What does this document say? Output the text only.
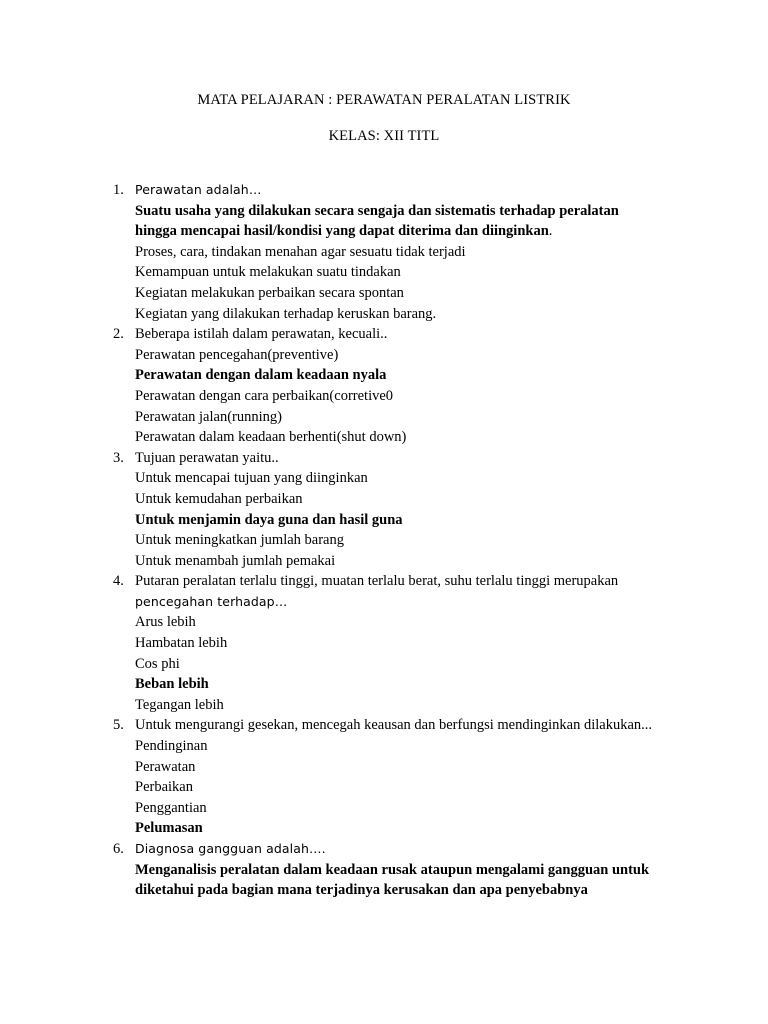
MATA PELAJARAN : PERAWATAN PERALATAN LISTRIK
KELAS: XII TITL
1. Perawatan adalah…
Suatu usaha yang dilakukan secara sengaja dan sistematis terhadap peralatan
hingga mencapai hasil/kondisi yang dapat diterima dan diinginkan.
Proses, cara, tindakan menahan agar sesuatu tidak terjadi
Kemampuan untuk melakukan suatu tindakan
Kegiatan melakukan perbaikan secara spontan
Kegiatan yang dilakukan terhadap keruskan barang.
2. Beberapa istilah dalam perawatan, kecuali..
Perawatan pencegahan(preventive)
Perawatan dengan dalam keadaan nyala
Perawatan dengan cara perbaikan(corretive0
Perawatan jalan(running)
Perawatan dalam keadaan berhenti(shut down)
3. Tujuan perawatan yaitu..
Untuk mencapai tujuan yang diinginkan
Untuk kemudahan perbaikan
Untuk menjamin daya guna dan hasil guna
Untuk meningkatkan jumlah barang
Untuk menambah jumlah pemakai
4. Putaran peralatan terlalu tinggi, muatan terlalu berat, suhu terlalu tinggi merupakan
pencegahan terhadap…
Arus lebih
Hambatan lebih
Cos phi
Beban lebih
Tegangan lebih
5. Untuk mengurangi gesekan, mencegah keausan dan berfungsi mendinginkan dilakukan...
Pendinginan
Perawatan
Perbaikan
Penggantian
Pelumasan
6. Diagnosa gangguan adalah….
Menganalisis peralatan dalam keadaan rusak ataupun mengalami gangguan untuk
diketahui pada bagian mana terjadinya kerusakan dan apa penyebabnya
